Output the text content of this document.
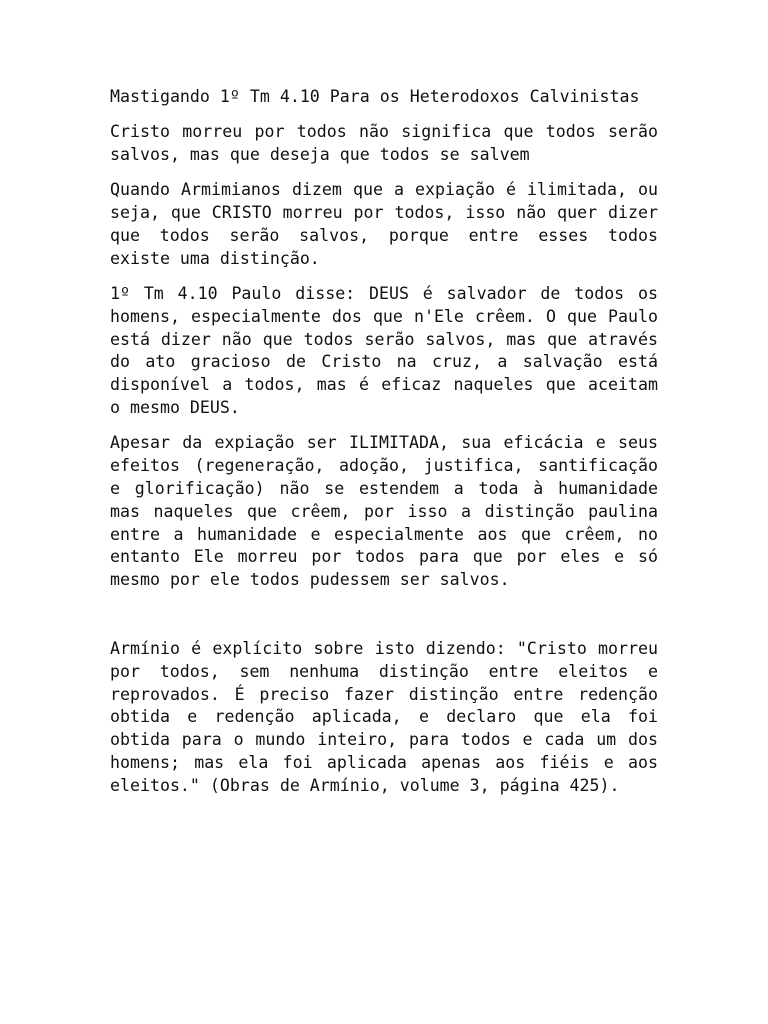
Mastigando 1º Tm 4.10 Para os Heterodoxos Calvinistas

Cristo morreu por todos não significa que todos serão salvos, mas que deseja que todos se salvem

Quando Armimianos dizem que a expiação é ilimitada, ou seja, que CRISTO morreu por todos, isso não quer dizer que todos serão salvos, porque entre esses todos existe uma distinção.

1º Tm 4.10 Paulo disse: DEUS é salvador de todos os homens, especialmente dos que n'Ele crêem. O que Paulo está dizer não que todos serão salvos, mas que através do ato gracioso de Cristo na cruz, a salvação está disponível a todos, mas é eficaz naqueles que aceitam o mesmo DEUS.

Apesar da expiação ser ILIMITADA, sua eficácia e seus efeitos (regeneração, adoção, justifica, santificação e glorificação) não se estendem a toda à humanidade mas naqueles que crêem, por isso a distinção paulina entre a humanidade e especialmente aos que crêem, no entanto Ele morreu por todos para que por eles e só mesmo por ele todos pudessem ser salvos.

Armínio é explícito sobre isto dizendo: "Cristo morreu por todos, sem nenhuma distinção entre eleitos e reprovados. É preciso fazer distinção entre redenção obtida e redenção aplicada, e declaro que ela foi obtida para o mundo inteiro, para todos e cada um dos homens; mas ela foi aplicada apenas aos fiéis e aos eleitos." (Obras de Armínio, volume 3, página 425).
